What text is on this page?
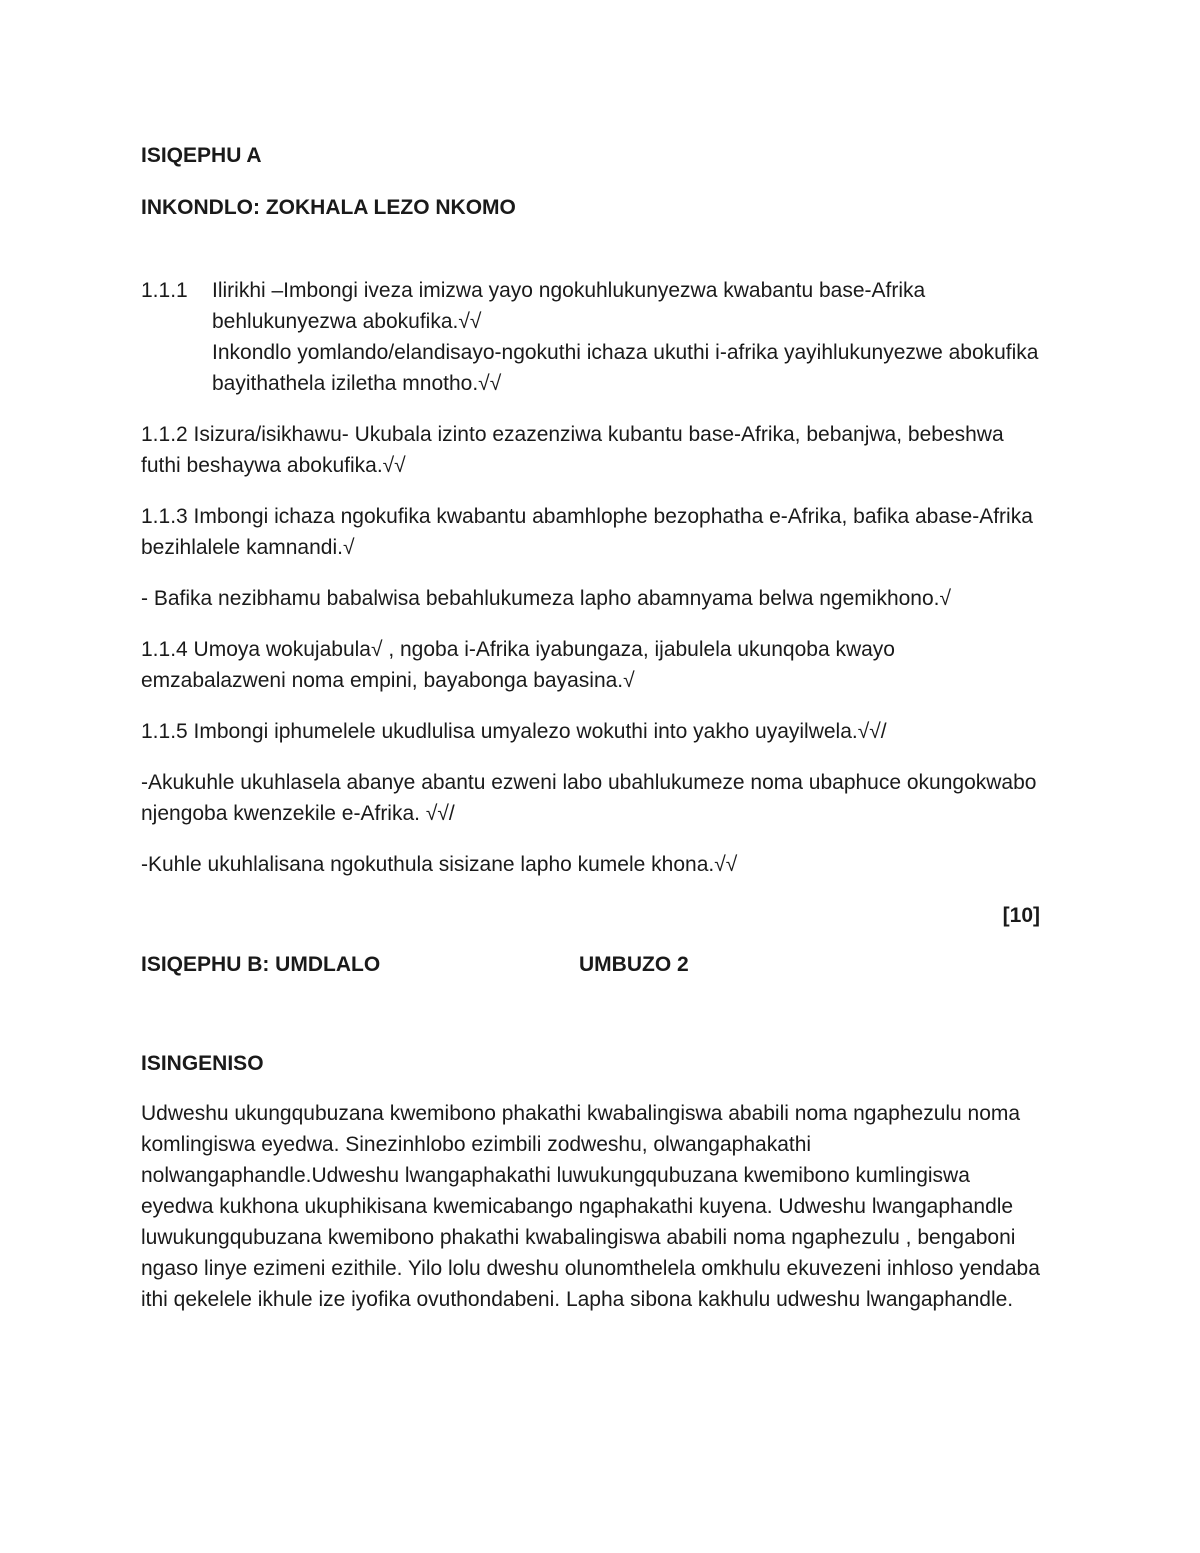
ISIQEPHU A
INKONDLO: ZOKHALA LEZO NKOMO
1.1.1	Ilirikhi –Imbongi iveza imizwa yayo ngokuhlukunyezwa kwabantu base-Afrika behlukunyezwa abokufika.√√
Inkondlo yomlando/elandisayo-ngokuthi ichaza ukuthi i-afrika yayihlukunyezwe abokufika bayithathela iziletha mnotho.√√

1.1.2 Isizura/isikhawu- Ukubala izinto ezazenziwa kubantu base-Afrika, bebanjwa, bebeshwa futhi beshaywa abokufika.√√

1.1.3 Imbongi ichaza ngokufika kwabantu abamhlophe bezophatha e-Afrika, bafika abase-Afrika bezihlalele kamnandi.√

- Bafika nezibhamu babalwisa bebahlukumeza lapho abamnyama belwa ngemikhono.√

1.1.4 Umoya wokujabula√ , ngoba i-Afrika iyabungaza, ijabulela ukunqoba kwayo emzabalazweni noma empini, bayabonga bayasina.√

1.1.5 Imbongi iphumelele ukudlulisa umyalezo wokuthi into yakho uyayilwela.√√/

-Akukuhle ukuhlasela abanye abantu ezweni labo ubahlukumeze noma ubaphuce okungokwabo njengoba kwenzekile e-Afrika. √√/

-Kuhle ukuhlalisana ngokuthula sisizane lapho kumele khona.√√

[10]
ISIQEPHU B: UMDLALO	UMBUZO 2
ISINGENISO

Udweshu ukungqubuzana kwemibono phakathi kwabalingiswa ababili noma ngaphezulu noma komlingiswa eyedwa. Sinezinhlobo ezimbili zodweshu, olwangaphakathi nolwangaphandle.Udweshu lwangaphakathi luwukungqubuzana kwemibono kumlingiswa eyedwa kukhona ukuphikisana kwemicabango ngaphakathi kuyena. Udweshu lwangaphandle luwukungqubuzana kwemibono phakathi kwabalingiswa ababili noma ngaphezulu , bengaboni ngaso linye ezimeni ezithile. Yilo lolu dweshu olunomthelela omkhulu ekuvezeni inhloso yendaba ithi qekelele ikhule ize iyofika ovuthondabeni. Lapha sibona kakhulu udweshu lwangaphandle.
